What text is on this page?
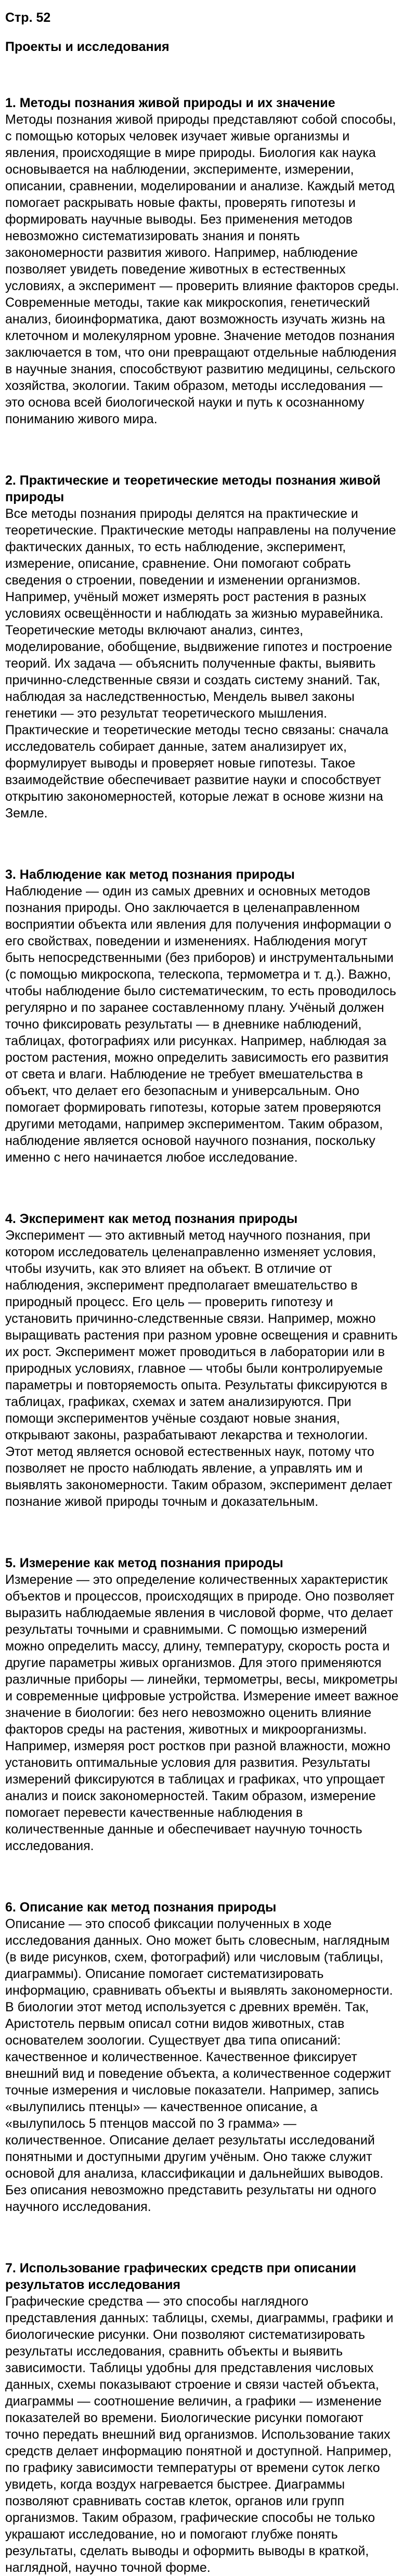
Стр. 52
Проекты и исследования
1. Методы познания живой природы и их значение
Методы познания живой природы представляют собой способы, с помощью которых человек изучает живые организмы и явления, происходящие в мире природы. Биология как наука основывается на наблюдении, эксперименте, измерении, описании, сравнении, моделировании и анализе. Каждый метод помогает раскрывать новые факты, проверять гипотезы и формировать научные выводы. Без применения методов невозможно систематизировать знания и понять закономерности развития живого. Например, наблюдение позволяет увидеть поведение животных в естественных условиях, а эксперимент — проверить влияние факторов среды. Современные методы, такие как микроскопия, генетический анализ, биоинформатика, дают возможность изучать жизнь на клеточном и молекулярном уровне. Значение методов познания заключается в том, что они превращают отдельные наблюдения в научные знания, способствуют развитию медицины, сельского хозяйства, экологии. Таким образом, методы исследования — это основа всей биологической науки и путь к осознанному пониманию живого мира.
2. Практические и теоретические методы познания живой природы
Все методы познания природы делятся на практические и теоретические. Практические методы направлены на получение фактических данных, то есть наблюдение, эксперимент, измерение, описание, сравнение. Они помогают собрать сведения о строении, поведении и изменении организмов. Например, учёный может измерять рост растения в разных условиях освещённости и наблюдать за жизнью муравейника. Теоретические методы включают анализ, синтез, моделирование, обобщение, выдвижение гипотез и построение теорий. Их задача — объяснить полученные факты, выявить причинно-следственные связи и создать систему знаний. Так, наблюдая за наследственностью, Мендель вывел законы генетики — это результат теоретического мышления. Практические и теоретические методы тесно связаны: сначала исследователь собирает данные, затем анализирует их, формулирует выводы и проверяет новые гипотезы. Такое взаимодействие обеспечивает развитие науки и способствует открытию закономерностей, которые лежат в основе жизни на Земле.
3. Наблюдение как метод познания природы
Наблюдение — один из самых древних и основных методов познания природы. Оно заключается в целенаправленном восприятии объекта или явления для получения информации о его свойствах, поведении и изменениях. Наблюдения могут быть непосредственными (без приборов) и инструментальными (с помощью микроскопа, телескопа, термометра и т. д.). Важно, чтобы наблюдение было систематическим, то есть проводилось регулярно и по заранее составленному плану. Учёный должен точно фиксировать результаты — в дневнике наблюдений, таблицах, фотографиях или рисунках. Например, наблюдая за ростом растения, можно определить зависимость его развития от света и влаги. Наблюдение не требует вмешательства в объект, что делает его безопасным и универсальным. Оно помогает формировать гипотезы, которые затем проверяются другими методами, например экспериментом. Таким образом, наблюдение является основой научного познания, поскольку именно с него начинается любое исследование.
4. Эксперимент как метод познания природы
Эксперимент — это активный метод научного познания, при котором исследователь целенаправленно изменяет условия, чтобы изучить, как это влияет на объект. В отличие от наблюдения, эксперимент предполагает вмешательство в природный процесс. Его цель — проверить гипотезу и установить причинно-следственные связи. Например, можно выращивать растения при разном уровне освещения и сравнить их рост. Эксперимент может проводиться в лаборатории или в природных условиях, главное — чтобы были контролируемые параметры и повторяемость опыта. Результаты фиксируются в таблицах, графиках, схемах и затем анализируются. При помощи экспериментов учёные создают новые знания, открывают законы, разрабатывают лекарства и технологии. Этот метод является основой естественных наук, потому что позволяет не просто наблюдать явление, а управлять им и выявлять закономерности. Таким образом, эксперимент делает познание живой природы точным и доказательным.
5. Измерение как метод познания природы
Измерение — это определение количественных характеристик объектов и процессов, происходящих в природе. Оно позволяет выразить наблюдаемые явления в числовой форме, что делает результаты точными и сравнимыми. С помощью измерений можно определить массу, длину, температуру, скорость роста и другие параметры живых организмов. Для этого применяются различные приборы — линейки, термометры, весы, микрометры и современные цифровые устройства. Измерение имеет важное значение в биологии: без него невозможно оценить влияние факторов среды на растения, животных и микроорганизмы. Например, измеряя рост ростков при разной влажности, можно установить оптимальные условия для развития. Результаты измерений фиксируются в таблицах и графиках, что упрощает анализ и поиск закономерностей. Таким образом, измерение помогает перевести качественные наблюдения в количественные данные и обеспечивает научную точность исследования.
6. Описание как метод познания природы
Описание — это способ фиксации полученных в ходе исследования данных. Оно может быть словесным, наглядным (в виде рисунков, схем, фотографий) или числовым (таблицы, диаграммы). Описание помогает систематизировать информацию, сравнивать объекты и выявлять закономерности. В биологии этот метод используется с древних времён. Так, Аристотель первым описал сотни видов животных, став основателем зоологии. Существует два типа описаний: качественное и количественное. Качественное фиксирует внешний вид и поведение объекта, а количественное содержит точные измерения и числовые показатели. Например, запись «вылупились птенцы» — качественное описание, а «вылупилось 5 птенцов массой по 3 грамма» — количественное. Описание делает результаты исследований понятными и доступными другим учёным. Оно также служит основой для анализа, классификации и дальнейших выводов. Без описания невозможно представить результаты ни одного научного исследования.
7. Использование графических средств при описании результатов исследования
Графические средства — это способы наглядного представления данных: таблицы, схемы, диаграммы, графики и биологические рисунки. Они позволяют систематизировать результаты исследования, сравнить объекты и выявить зависимости. Таблицы удобны для представления числовых данных, схемы показывают строение и связи частей объекта, диаграммы — соотношение величин, а графики — изменение показателей во времени. Биологические рисунки помогают точно передать внешний вид организмов. Использование таких средств делает информацию понятной и доступной. Например, по графику зависимости температуры от времени суток легко увидеть, когда воздух нагревается быстрее. Диаграммы позволяют сравнивать состав клеток, органов или групп организмов. Таким образом, графические способы не только украшают исследование, но и помогают глубже понять результаты, сделать выводы и оформить выводы в краткой, наглядной, научно точной форме.
